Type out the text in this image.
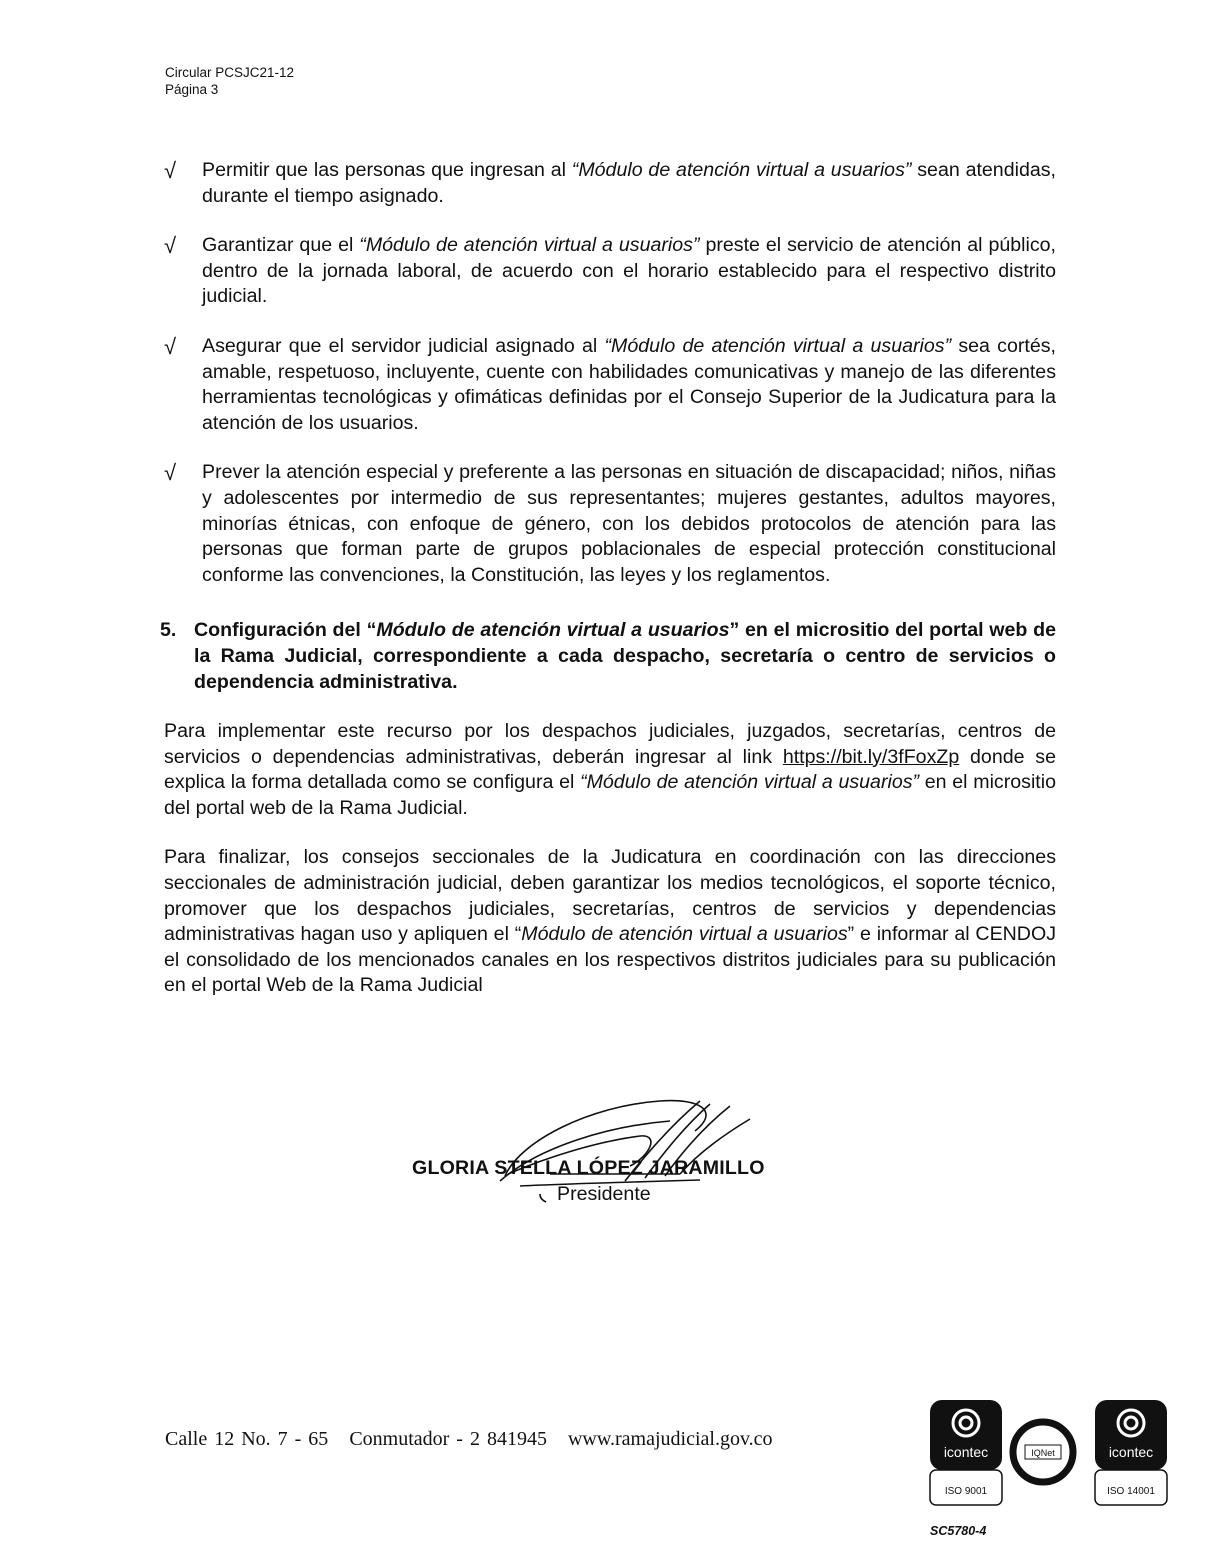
Circular PCSJC21-12
Página 3
√ Permitir que las personas que ingresan al “Módulo de atención virtual a usuarios” sean atendidas, durante el tiempo asignado.
√ Garantizar que el “Módulo de atención virtual a usuarios” preste el servicio de atención al público, dentro de la jornada laboral, de acuerdo con el horario establecido para el respectivo distrito judicial.
√ Asegurar que el servidor judicial asignado al “Módulo de atención virtual a usuarios” sea cortés, amable, respetuoso, incluyente, cuente con habilidades comunicativas y manejo de las diferentes herramientas tecnológicas y ofimáticas definidas por el Consejo Superior de la Judicatura para la atención de los usuarios.
√ Prever la atención especial y preferente a las personas en situación de discapacidad; niños, niñas y adolescentes por intermedio de sus representantes; mujeres gestantes, adultos mayores, minorías étnicas, con enfoque de género, con los debidos protocolos de atención para las personas que forman parte de grupos poblacionales de especial protección constitucional conforme las convenciones, la Constitución, las leyes y los reglamentos.
5. Configuración del “Módulo de atención virtual a usuarios” en el micrositio del portal web de la Rama Judicial, correspondiente a cada despacho, secretaría o centro de servicios o dependencia administrativa.

Para implementar este recurso por los despachos judiciales, juzgados, secretarías, centros de servicios o dependencias administrativas, deberán ingresar al link https://bit.ly/3fFoxZp donde se explica la forma detallada como se configura el “Módulo de atención virtual a usuarios” en el micrositio del portal web de la Rama Judicial.

Para finalizar, los consejos seccionales de la Judicatura en coordinación con las direcciones seccionales de administración judicial, deben garantizar los medios tecnológicos, el soporte técnico, promover que los despachos judiciales, secretarías, centros de servicios y dependencias administrativas hagan uso y apliquen el “Módulo de atención virtual a usuarios” e informar al CENDOJ el consolidado de los mencionados canales en los respectivos distritos judiciales para su publicación en el portal Web de la Rama Judicial

GLORIA STELLA LÓPEZ JARAMILLO
Presidente
Calle 12 No. 7 - 65 Conmutador - 2 841945 www.ramajudicial.gov.co
icontec
ISO 9001
IQNet	icontec
ISO 14001
SC5780-4
